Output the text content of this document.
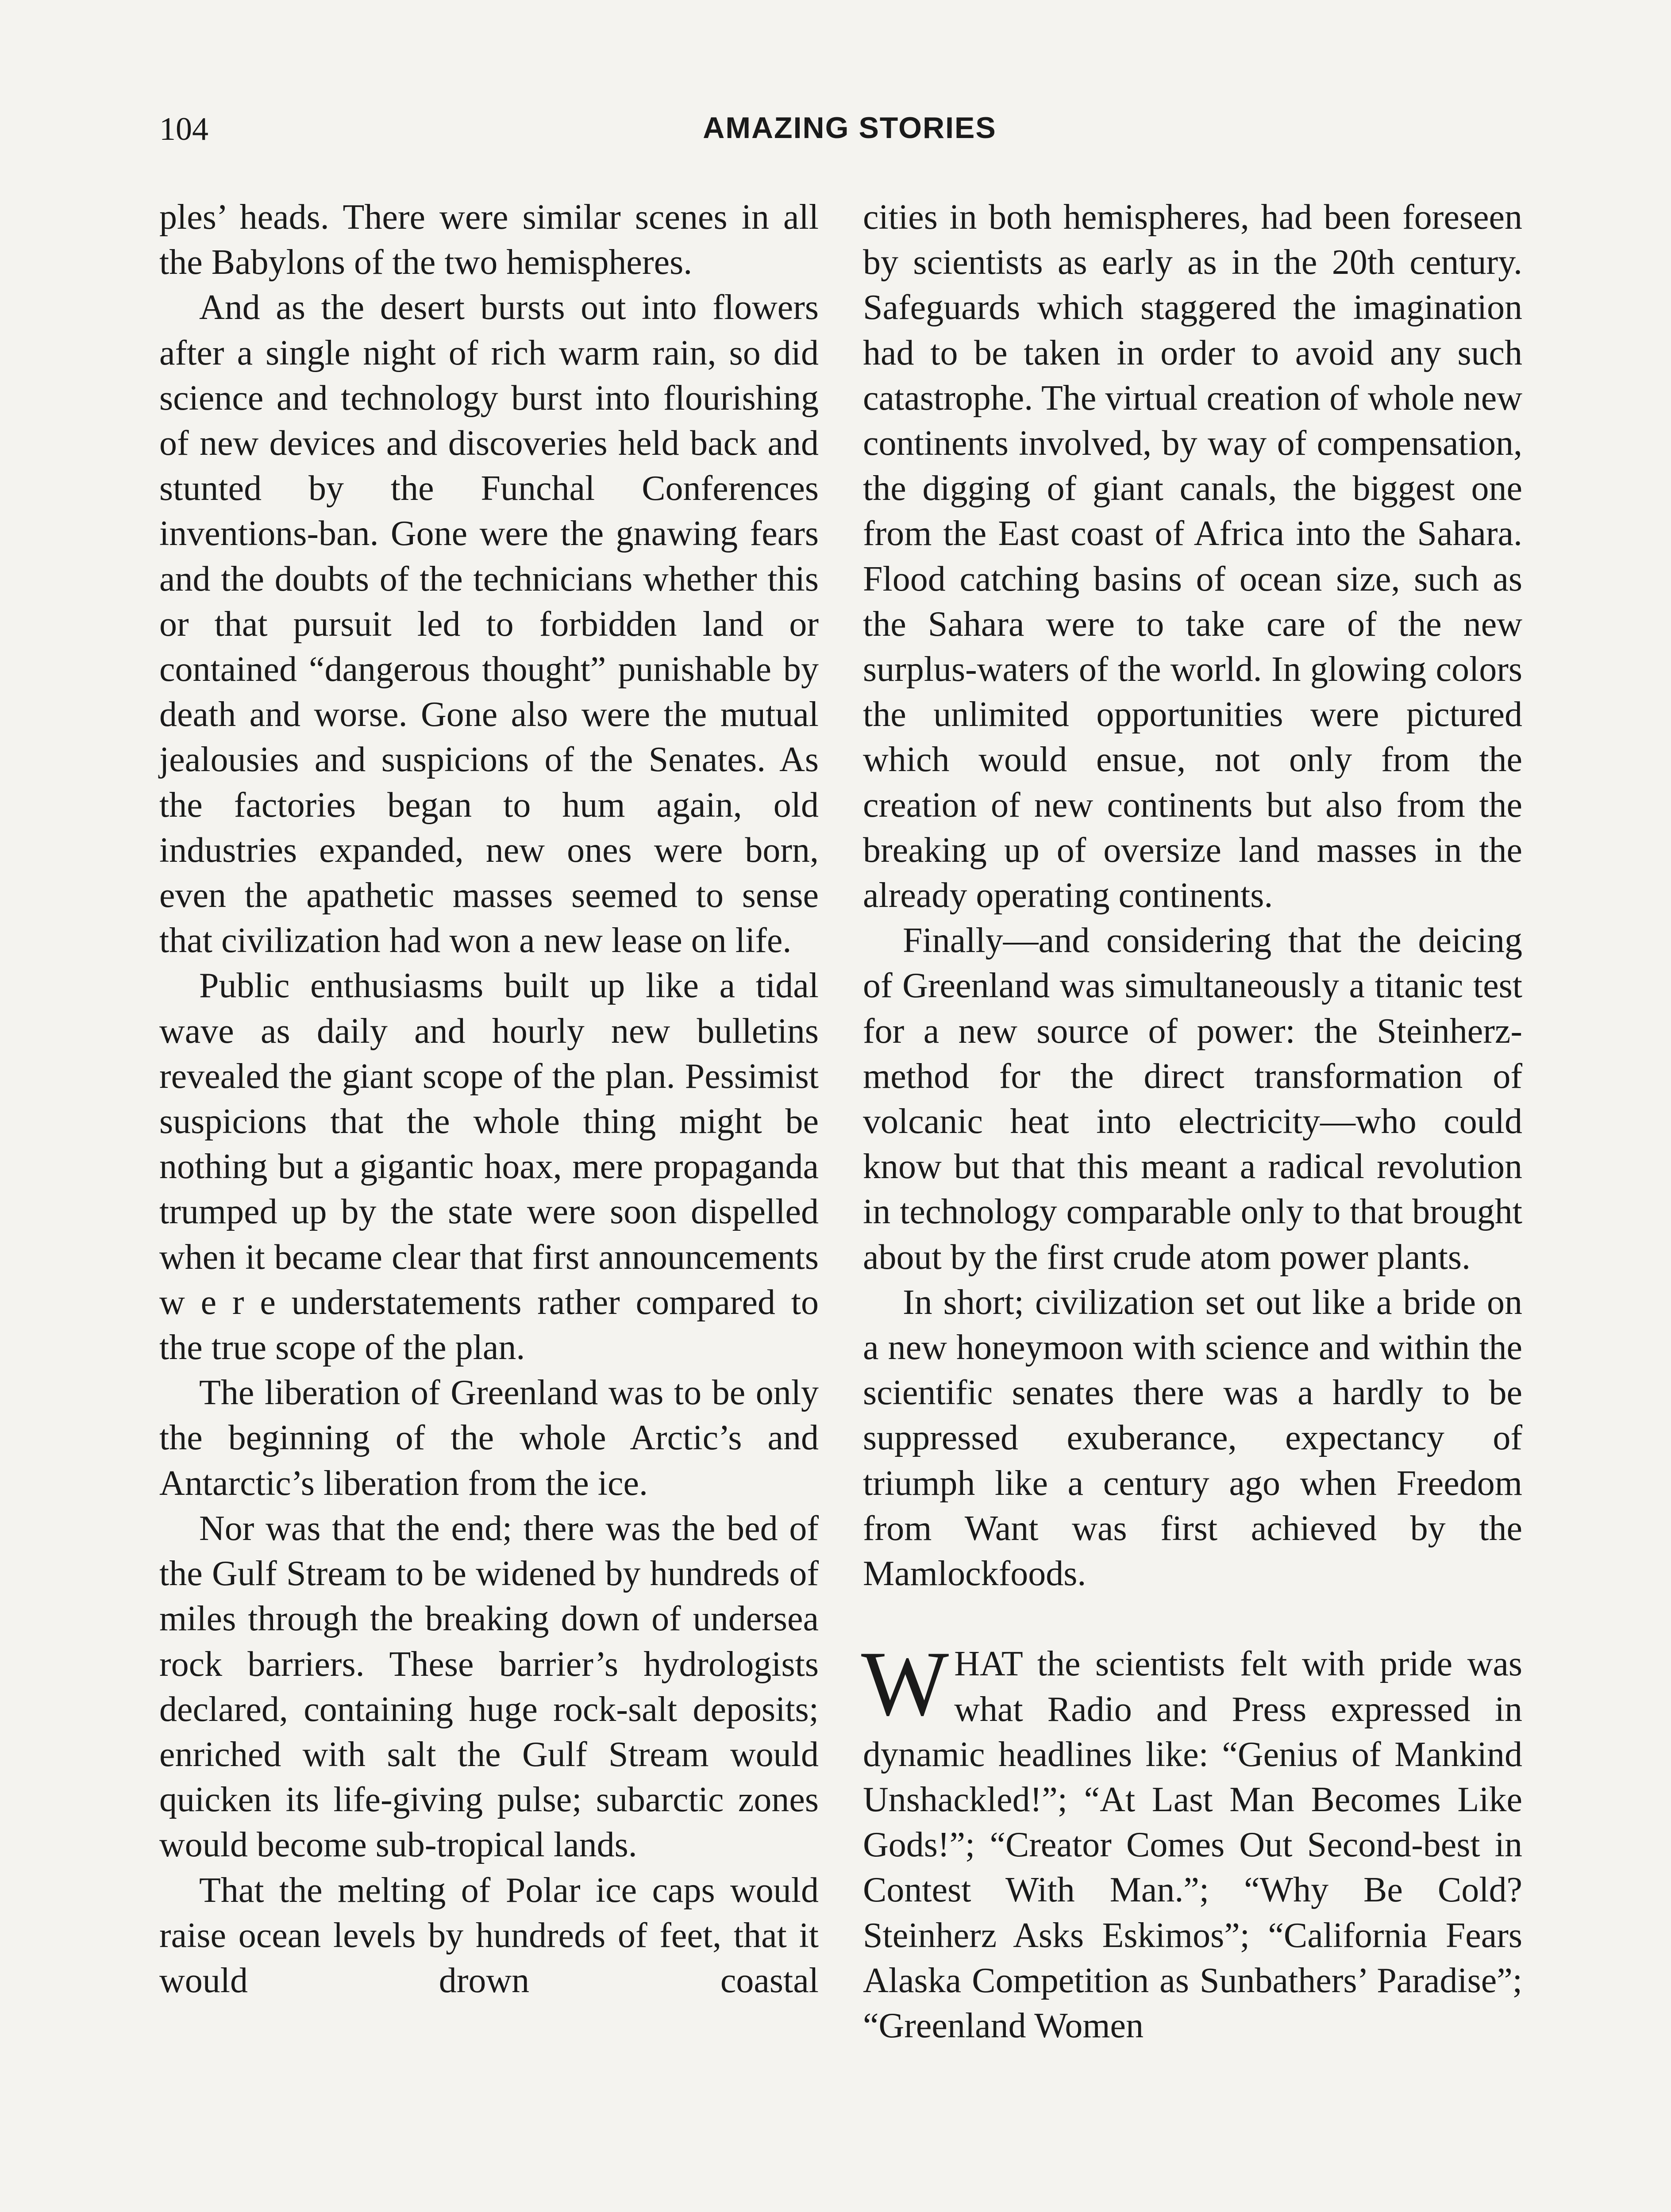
104	AMAZING STORIES

ples’ heads. There were similar scenes in all the Babylons of the two hemispheres.

And as the desert bursts out into flowers after a single night of rich warm rain, so did science and technology burst into flourishing of new devices and discoveries held back and stunted by the Funchal Conferences inventions-ban. Gone were the gnawing fears and the doubts of the technicians whether this or that pursuit led to forbidden land or contained “dangerous thought” punishable by death and worse. Gone also were the mutual jealousies and suspicions of the Senates. As the factories began to hum again, old industries expanded, new ones were born, even the apathetic masses seemed to sense that civilization had won a new lease on life.

Public enthusiasms built up like a tidal wave as daily and hourly new bulletins revealed the giant scope of the plan. Pessimist suspicions that the whole thing might be nothing but a gigantic hoax, mere propaganda trumped up by the state were soon dispelled when it became clear that first announcements w e r e understatements rather compared to the true scope of the plan.

The liberation of Greenland was to be only the beginning of the whole Arctic’s and Antarctic’s liberation from the ice.

Nor was that the end; there was the bed of the Gulf Stream to be widened by hundreds of miles through the breaking down of undersea rock barriers. These barrier’s hydrologists declared, containing huge rock-salt deposits; enriched with salt the Gulf Stream would quicken its life-giving pulse; subarctic zones would become sub-tropical lands.

That the melting of Polar ice caps would raise ocean levels by hundreds of feet, that it would drown coastal

cities in both hemispheres, had been foreseen by scientists as early as in the 20th century. Safeguards which staggered the imagination had to be taken in order to avoid any such catastrophe. The virtual creation of whole new continents involved, by way of compensation, the digging of giant canals, the biggest one from the East coast of Africa into the Sahara. Flood catching basins of ocean size, such as the Sahara were to take care of the new surplus-waters of the world. In glowing colors the unlimited opportunities were pictured which would ensue, not only from the creation of new continents but also from the breaking up of oversize land masses in the already operating continents.

Finally—and considering that the deicing of Greenland was simultaneously a titanic test for a new source of power: the Steinherz-method for the direct transformation of volcanic heat into electricity—who could know but that this meant a radical revolution in technology comparable only to that brought about by the first crude atom power plants.

In short; civilization set out like a bride on a new honeymoon with science and within the scientific senates there was a hardly to be suppressed exuberance, expectancy of triumph like a century ago when Freedom from Want was first achieved by the Mamlockfoods.

WHAT the scientists felt with pride was what Radio and Press expressed in dynamic headlines like: “Genius of Mankind Unshackled!”; “At Last Man Becomes Like Gods!”; “Creator Comes Out Second-best in Contest With Man.”; “Why Be Cold? Steinherz Asks Eskimos”; “California Fears Alaska Competition as Sunbathers’ Paradise”; “Greenland Women
